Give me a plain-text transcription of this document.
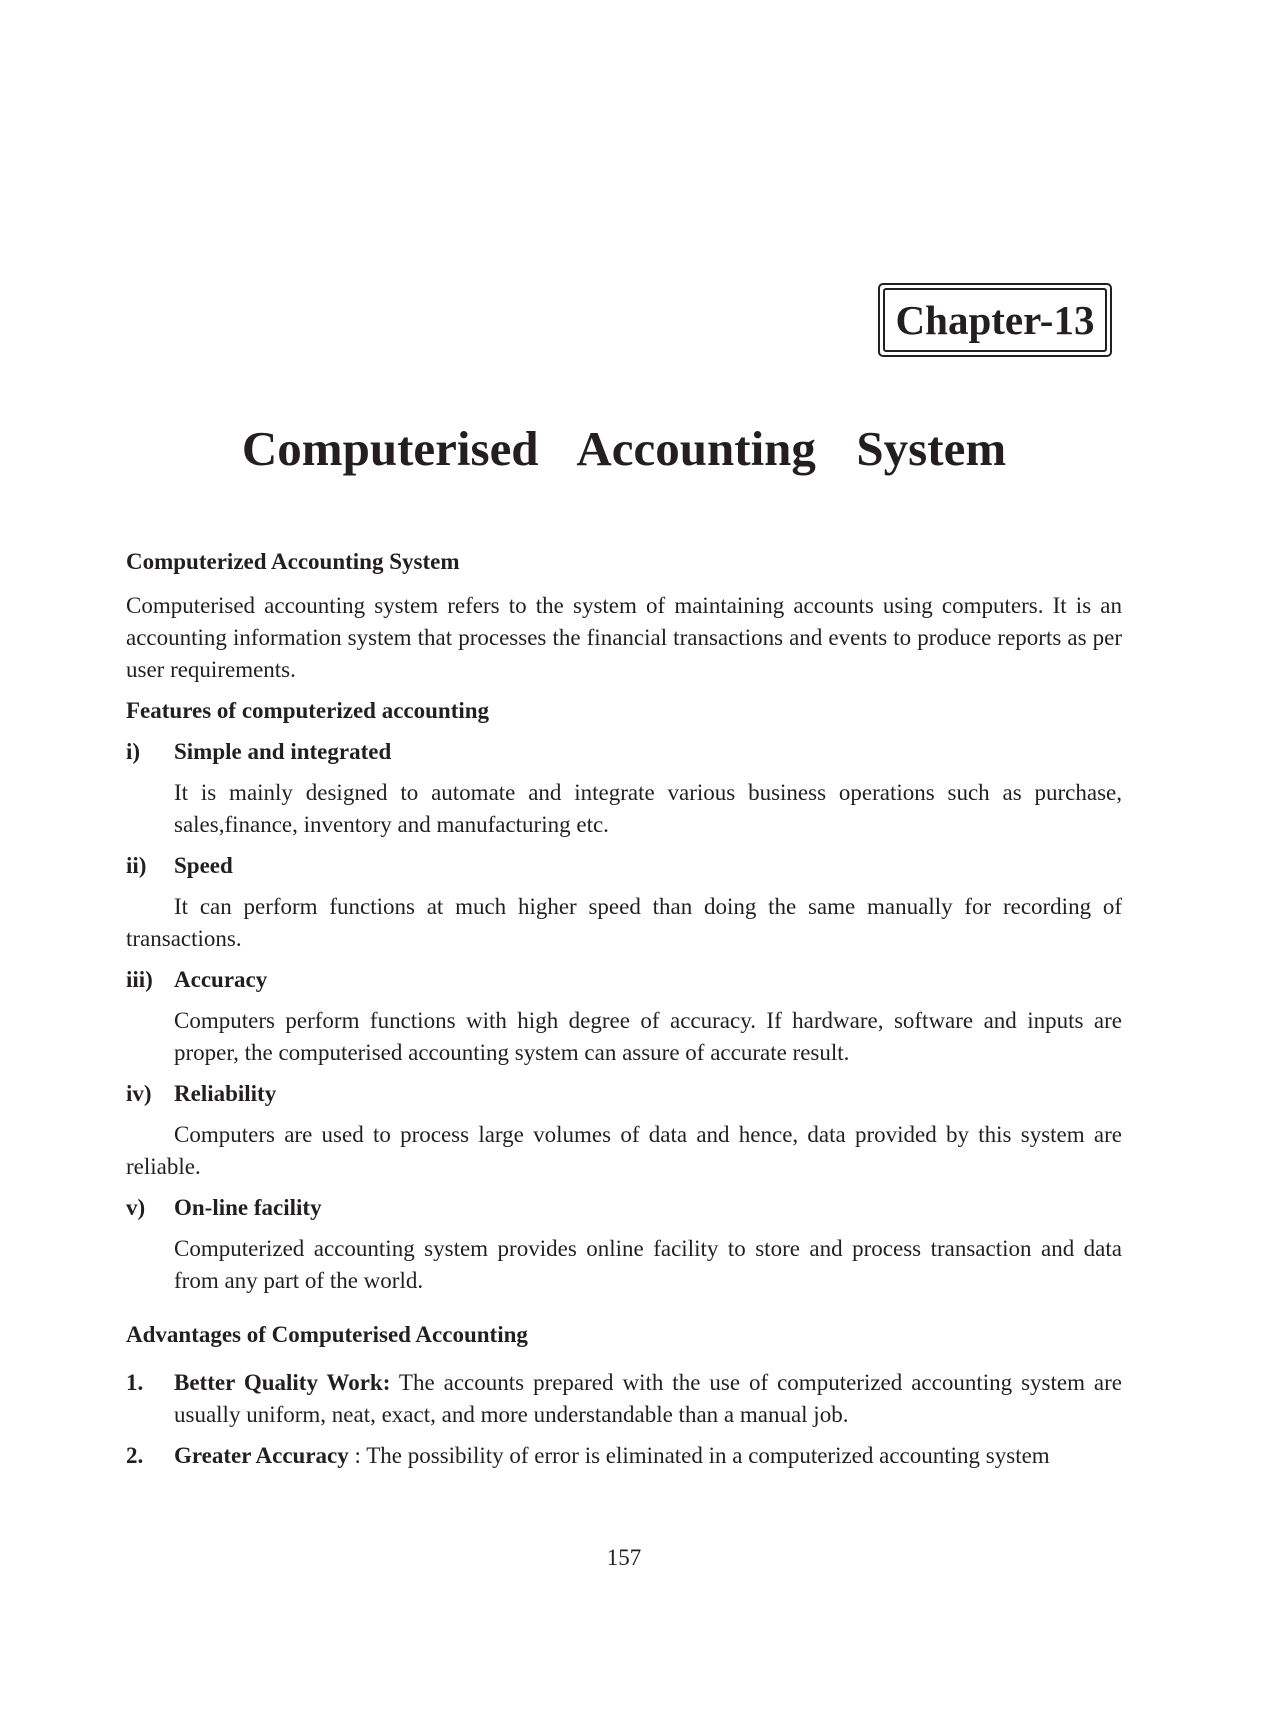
Chapter-13
Computerised  Accounting  System

Computerized Accounting System

Computerised accounting system refers to the system of maintaining accounts using computers. It is an accounting information system that processes the financial transactions and events to produce reports as per user requirements.

Features of computerized accounting

i)	Simple and integrated

It is mainly designed to automate and integrate various business operations such as purchase, sales,finance, inventory and manufacturing etc.

ii)	Speed

It can perform functions at much higher speed than doing the same manually for recording of transactions.

iii) Accuracy

Computers perform functions with high degree of accuracy. If hardware, software and inputs are proper, the computerised accounting system can assure of accurate result.

iv) Reliability

Computers are used to process large volumes of data and hence, data provided by this system are reliable.

v)	On-line facility

Computerized accounting system provides online facility to store and process transaction and data from any part of the world.

Advantages of Computerised Accounting

1.	Better Quality Work: The accounts prepared with the use of computerized accounting system are usually uniform, neat, exact, and more understandable than a manual job.

2.	Greater Accuracy : The possibility of error is eliminated in a computerized accounting system

157
